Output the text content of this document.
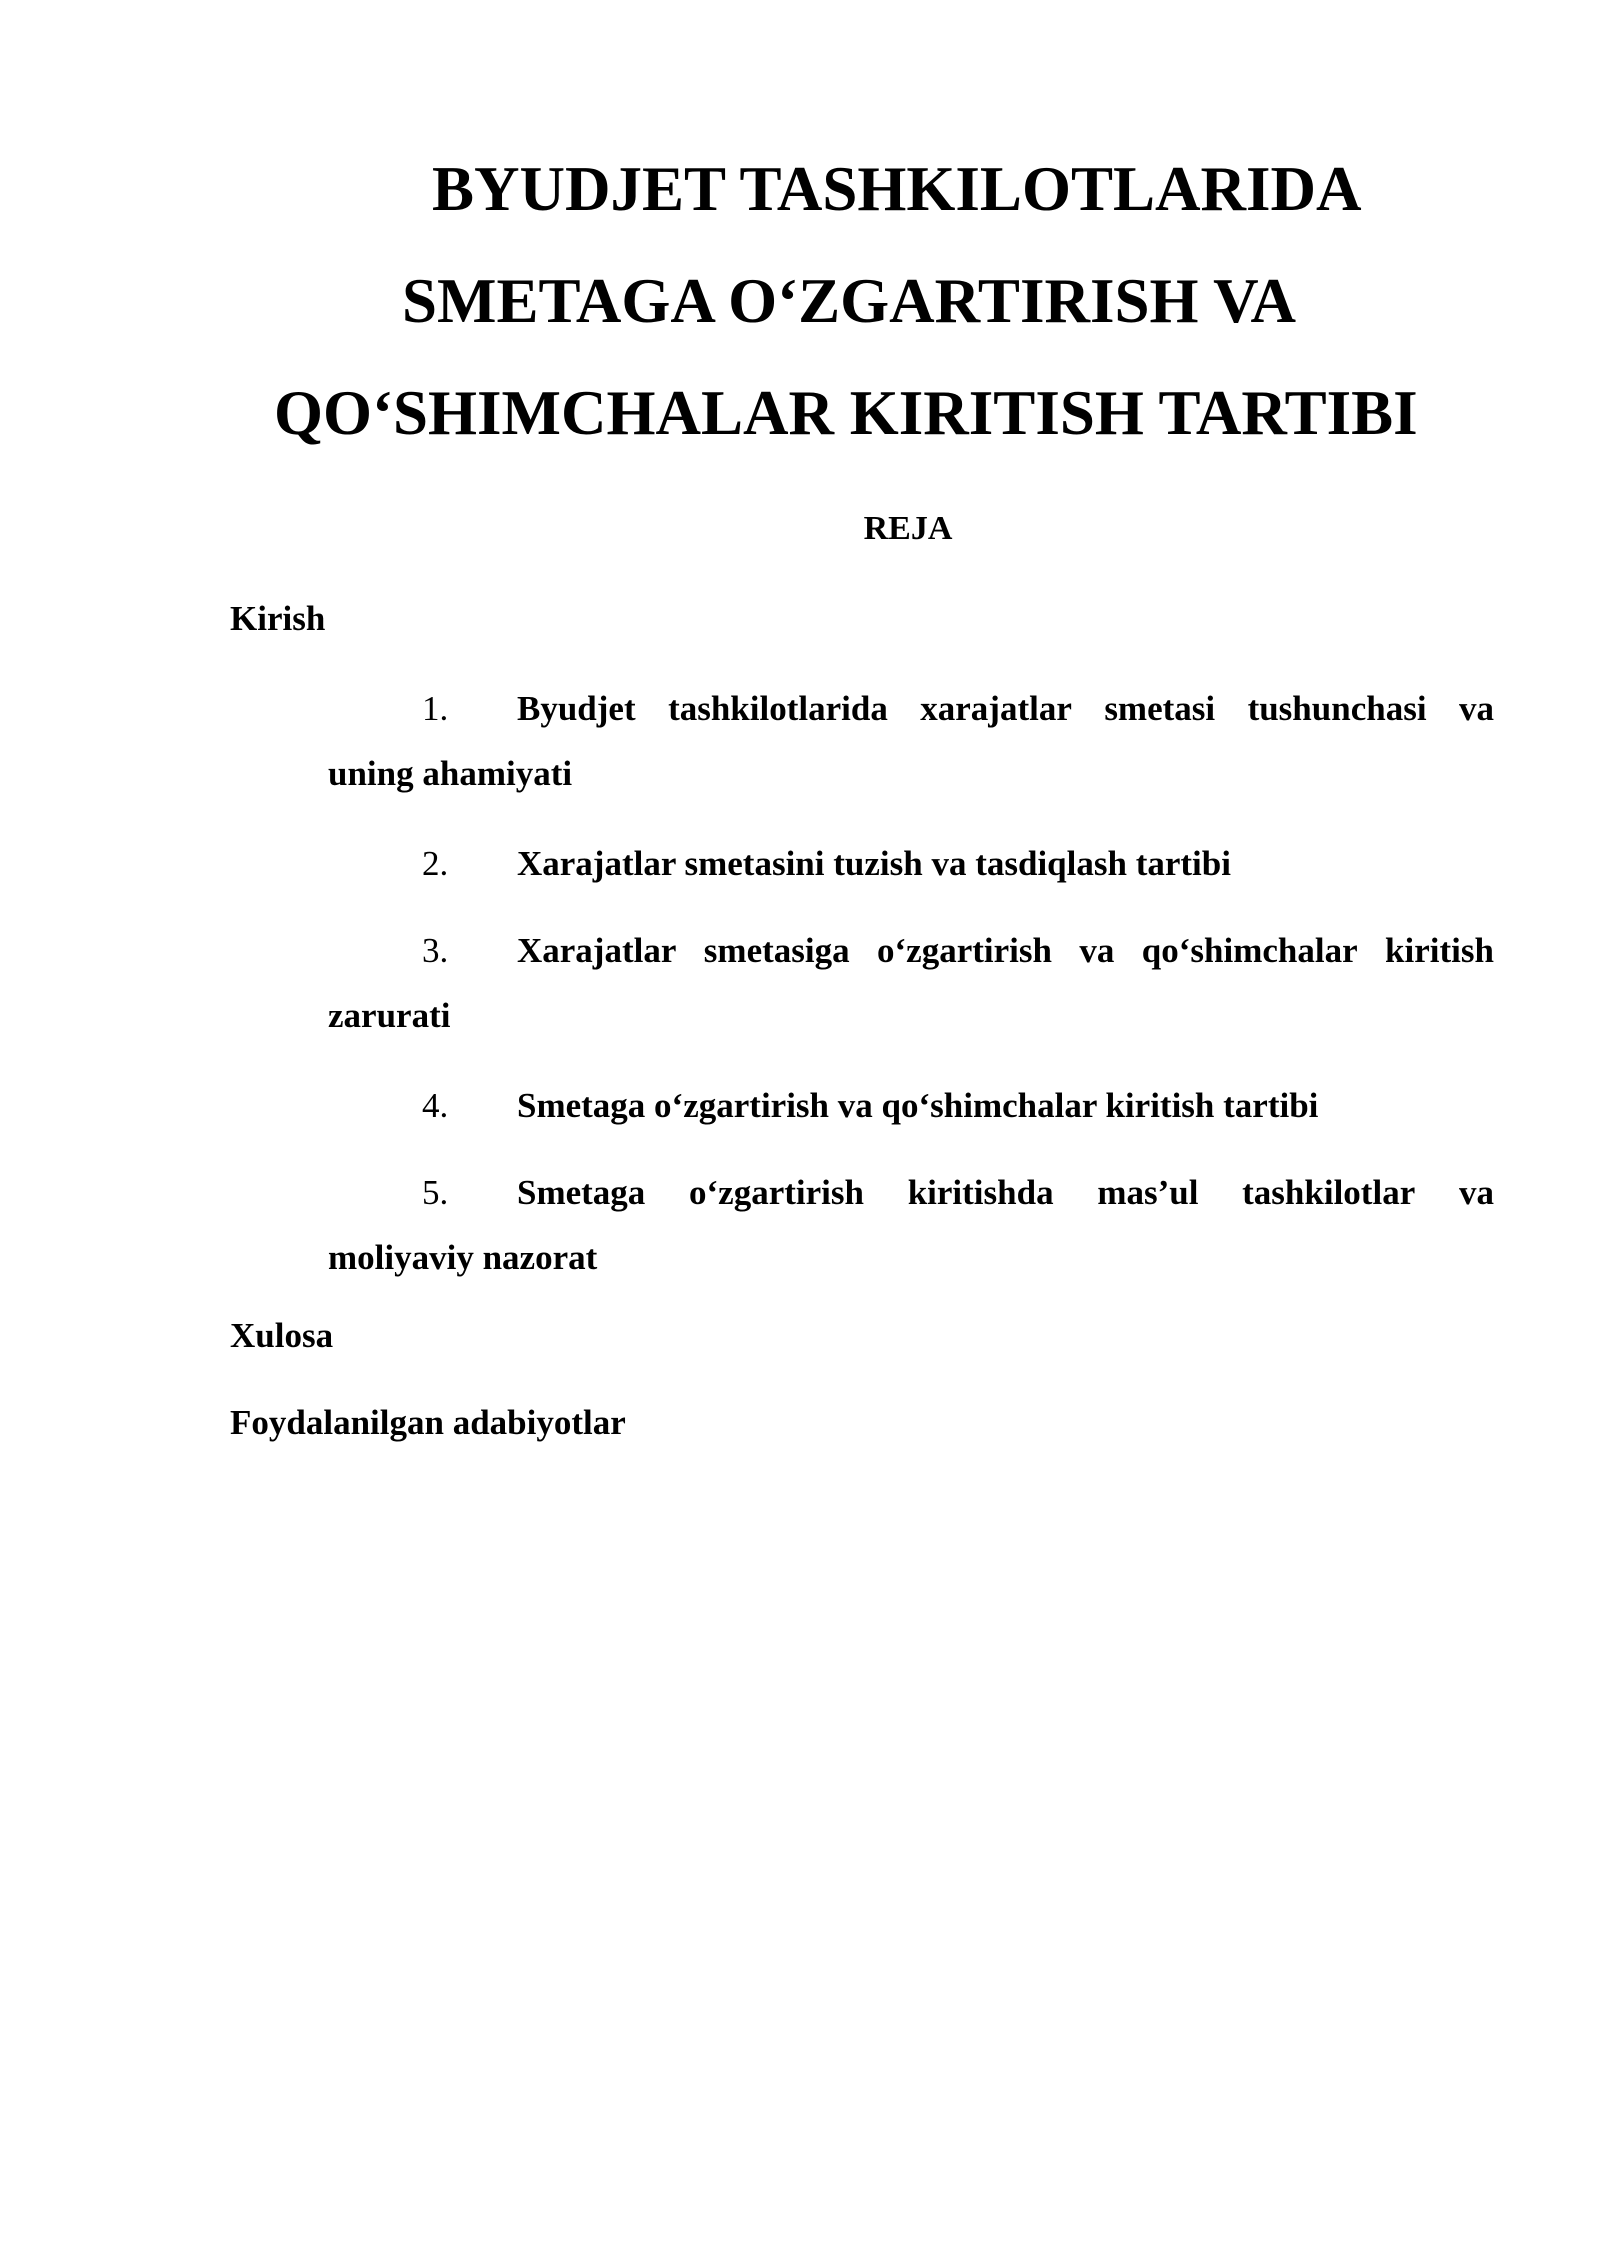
BYUDJET TASHKILOTLARIDA
SMETAGA O‘ZGARTIRISH VA
QO‘SHIMCHALAR KIRITISH TARTIBI

REJA

Kirish

1.	Byudjet tashkilotlarida xarajatlar smetasi tushunchasi va
uning ahamiyati
2.	Xarajatlar smetasini tuzish va tasdiqlash tartibi
3.	Xarajatlar smetasiga o‘zgartirish va qo‘shimchalar kiritish
zarurati
4.	Smetaga o‘zgartirish va qo‘shimchalar kiritish tartibi
5.	Smetaga o‘zgartirish kiritishda mas’ul tashkilotlar va
moliyaviy nazorat

Xulosa

Foydalanilgan adabiyotlar
